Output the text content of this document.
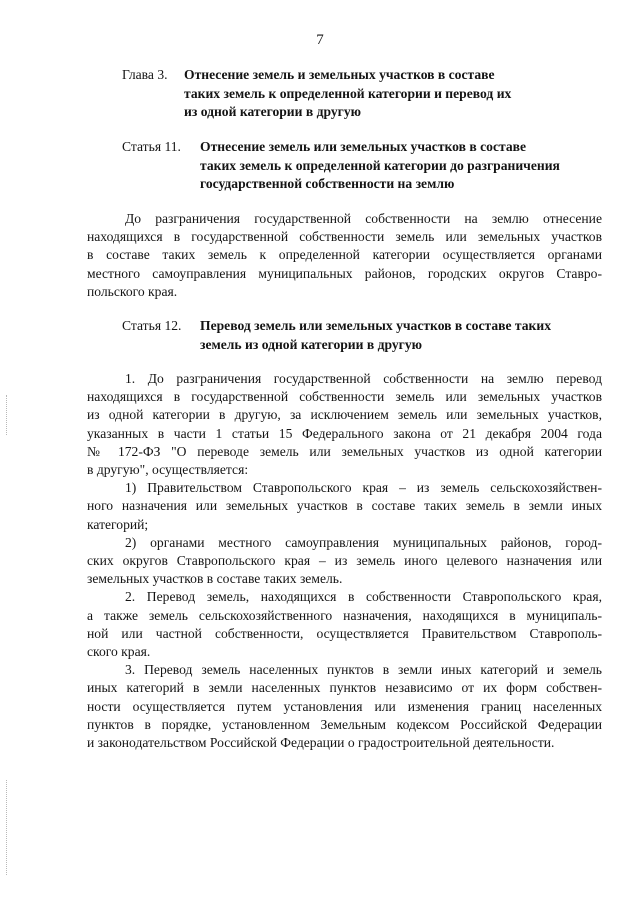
7
Глава 3. Отнесение земель и земельных участков в составе
таких земель к определенной категории и перевод их
из одной категории в другую
Статья 11. Отнесение земель или земельных участков в составе
таких земель к определенной категории до разграничения
государственной собственности на землю
До разграничения государственной собственности на землю отнесение
находящихся в государственной собственности земель или земельных участков
в составе таких земель к определенной категории осуществляется органами
местного самоуправления муниципальных районов, городских округов Ставро-
польского края.
Статья 12. Перевод земель или земельных участков в составе таких
земель из одной категории в другую
1. До разграничения государственной собственности на землю перевод
находящихся в государственной собственности земель или земельных участков
из одной категории в другую, за исключением земель или земельных участков,
указанных в части 1 статьи 15 Федерального закона от 21 декабря 2004 года
№ 172-ФЗ "О переводе земель или земельных участков из одной категории
в другую", осуществляется:
1) Правительством Ставропольского края – из земель сельскохозяйствен-
ного назначения или земельных участков в составе таких земель в земли иных
категорий;
2) органами местного самоуправления муниципальных районов, город-
ских округов Ставропольского края – из земель иного целевого назначения или
земельных участков в составе таких земель.
2. Перевод земель, находящихся в собственности Ставропольского края,
а также земель сельскохозяйственного назначения, находящихся в муниципаль-
ной или частной собственности, осуществляется Правительством Ставрополь-
ского края.
3. Перевод земель населенных пунктов в земли иных категорий и земель
иных категорий в земли населенных пунктов независимо от их форм собствен-
ности осуществляется путем установления или изменения границ населенных
пунктов в порядке, установленном Земельным кодексом Российской Федерации
и законодательством Российской Федерации о градостроительной деятельности.
